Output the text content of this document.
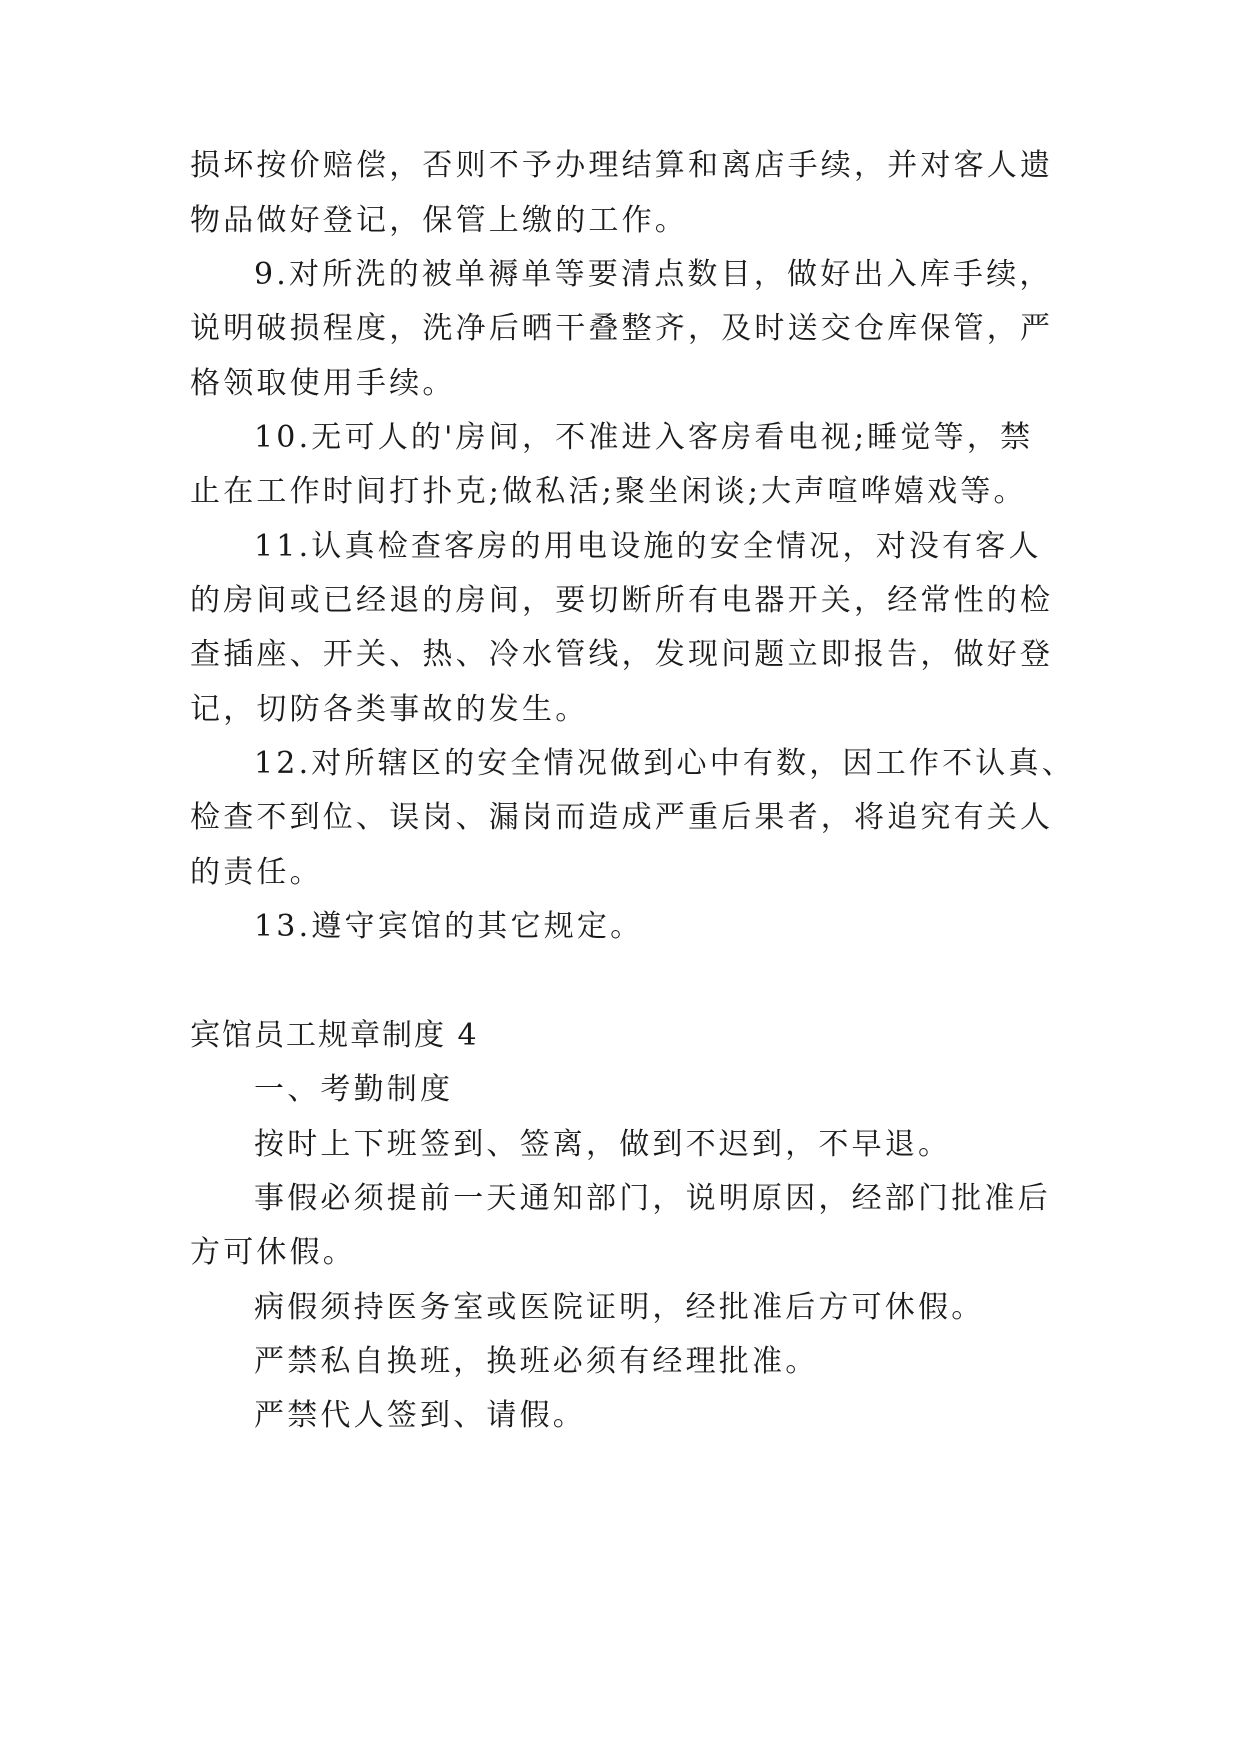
损坏按价赔偿，否则不予办理结算和离店手续，并对客人遗
物品做好登记，保管上缴的工作。
9.对所洗的被单褥单等要清点数目，做好出入库手续，
说明破损程度，洗净后晒干叠整齐，及时送交仓库保管，严
格领取使用手续。
10.无可人的'房间，不准进入客房看电视;睡觉等，禁
止在工作时间打扑克;做私活;聚坐闲谈;大声喧哗嬉戏等。
11.认真检查客房的用电设施的安全情况，对没有客人
的房间或已经退的房间，要切断所有电器开关，经常性的检
查插座、开关、热、冷水管线，发现问题立即报告，做好登
记，切防各类事故的发生。
12.对所辖区的安全情况做到心中有数，因工作不认真、
检查不到位、误岗、漏岗而造成严重后果者，将追究有关人
的责任。
13.遵守宾馆的其它规定。
宾馆员工规章制度 4
一、考勤制度
按时上下班签到、签离，做到不迟到，不早退。
事假必须提前一天通知部门，说明原因，经部门批准后
方可休假。
病假须持医务室或医院证明，经批准后方可休假。
严禁私自换班，换班必须有经理批准。
严禁代人签到、请假。
